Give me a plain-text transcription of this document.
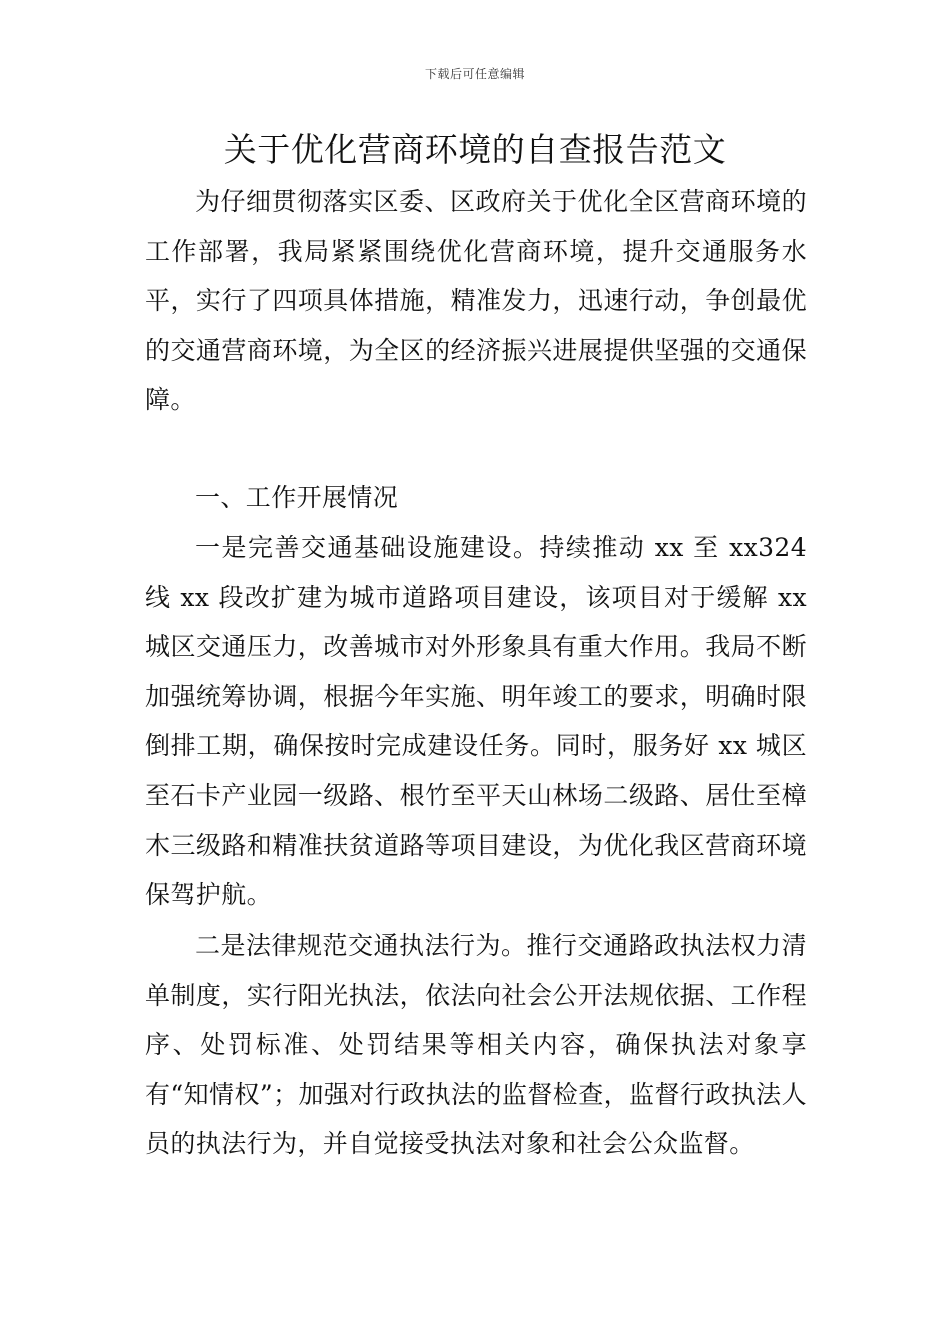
下载后可任意编辑
关于优化营商环境的自查报告范文

为仔细贯彻落实区委、区政府关于优化全区营商环境的工作部署，我局紧紧围绕优化营商环境，提升交通服务水平，实行了四项具体措施，精准发力，迅速行动，争创最优的交通营商环境，为全区的经济振兴进展提供坚强的交通保障。

一、工作开展情况

一是完善交通基础设施建设。持续推动 xx 至 xx324 线 xx 段改扩建为城市道路项目建设，该项目对于缓解 xx 城区交通压力，改善城市对外形象具有重大作用。我局不断加强统筹协调，根据今年实施、明年竣工的要求，明确时限倒排工期，确保按时完成建设任务。同时，服务好 xx 城区至石卡产业园一级路、根竹至平天山林场二级路、居仕至樟木三级路和精准扶贫道路等项目建设，为优化我区营商环境保驾护航。

二是法律规范交通执法行为。推行交通路政执法权力清单制度，实行阳光执法，依法向社会公开法规依据、工作程序、处罚标准、处罚结果等相关内容，确保执法对象享有“知情权”；加强对行政执法的监督检查，监督行政执法人员的执法行为，并自觉接受执法对象和社会公众监督。
